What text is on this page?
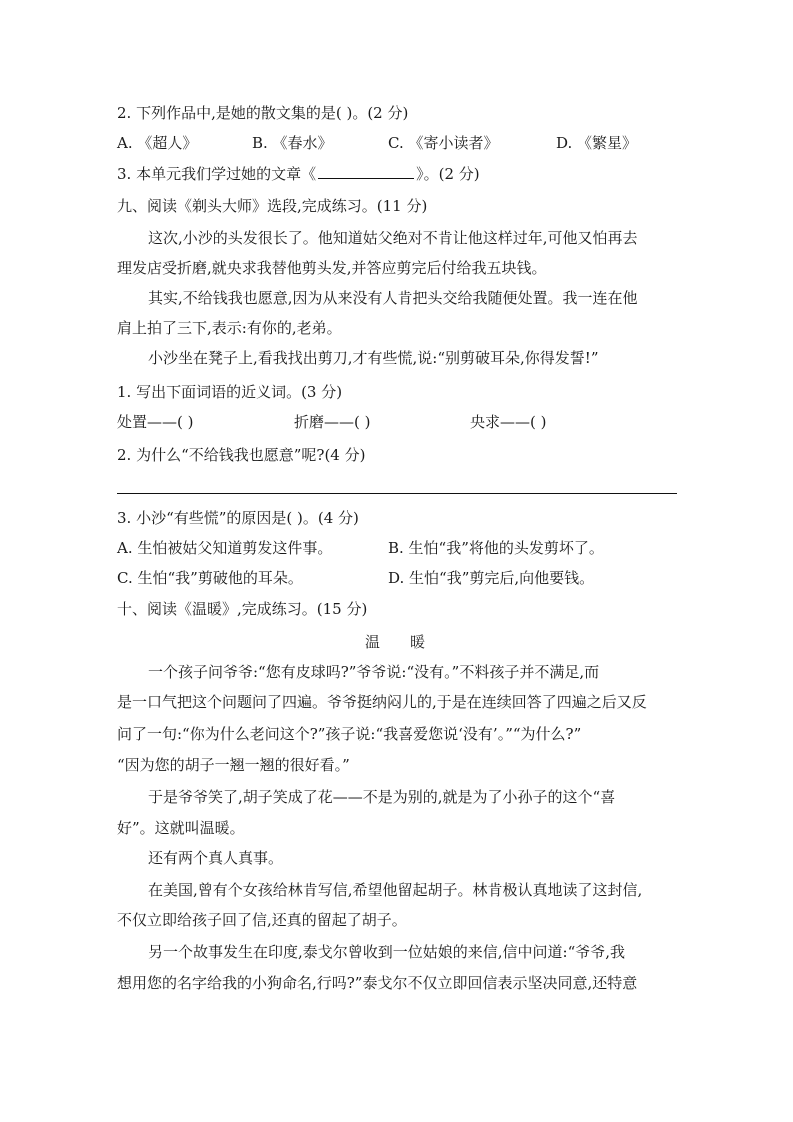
2. 下列作品中,是她的散文集的是( )。(2 分)
A. 《超人》	B. 《春水》	C. 《寄小读者》	D. 《繁星》
3. 本单元我们学过她的文章《	》。(2 分)
九、阅读《剃头大师》选段,完成练习。(11 分)
这次,小沙的头发很长了。他知道姑父绝对不肯让他这样过年,可他又怕再去
理发店受折磨,就央求我替他剪头发,并答应剪完后付给我五块钱。
其实,不给钱我也愿意,因为从来没有人肯把头交给我随便处置。我一连在他
肩上拍了三下,表示:有你的,老弟。
小沙坐在凳子上,看我找出剪刀,才有些慌,说:“别剪破耳朵,你得发誓!”
1. 写出下面词语的近义词。(3 分)
处置——( )	折磨——( )	央求——( )
2. 为什么“不给钱我也愿意”呢?(4 分)
3. 小沙“有些慌”的原因是( )。(4 分)
A. 生怕被姑父知道剪发这件事。	B. 生怕“我”将他的头发剪坏了。
C. 生怕“我”剪破他的耳朵。	D. 生怕“我”剪完后,向他要钱。
十、阅读《温暖》,完成练习。(15 分)
温 暖
一个孩子问爷爷:“您有皮球吗?”爷爷说:“没有。”不料孩子并不满足,而
是一口气把这个问题问了四遍。爷爷挺纳闷儿的,于是在连续回答了四遍之后又反
问了一句:“你为什么老问这个?”孩子说:“我喜爱您说‘没有’。”“为什么?”
“因为您的胡子一翘一翘的很好看。”
于是爷爷笑了,胡子笑成了花——不是为别的,就是为了小孙子的这个“喜
好”。这就叫温暖。
还有两个真人真事。
在美国,曾有个女孩给林肯写信,希望他留起胡子。林肯极认真地读了这封信,
不仅立即给孩子回了信,还真的留起了胡子。
另一个故事发生在印度,泰戈尔曾收到一位姑娘的来信,信中问道:“爷爷,我
想用您的名字给我的小狗命名,行吗?”泰戈尔不仅立即回信表示坚决同意,还特意
